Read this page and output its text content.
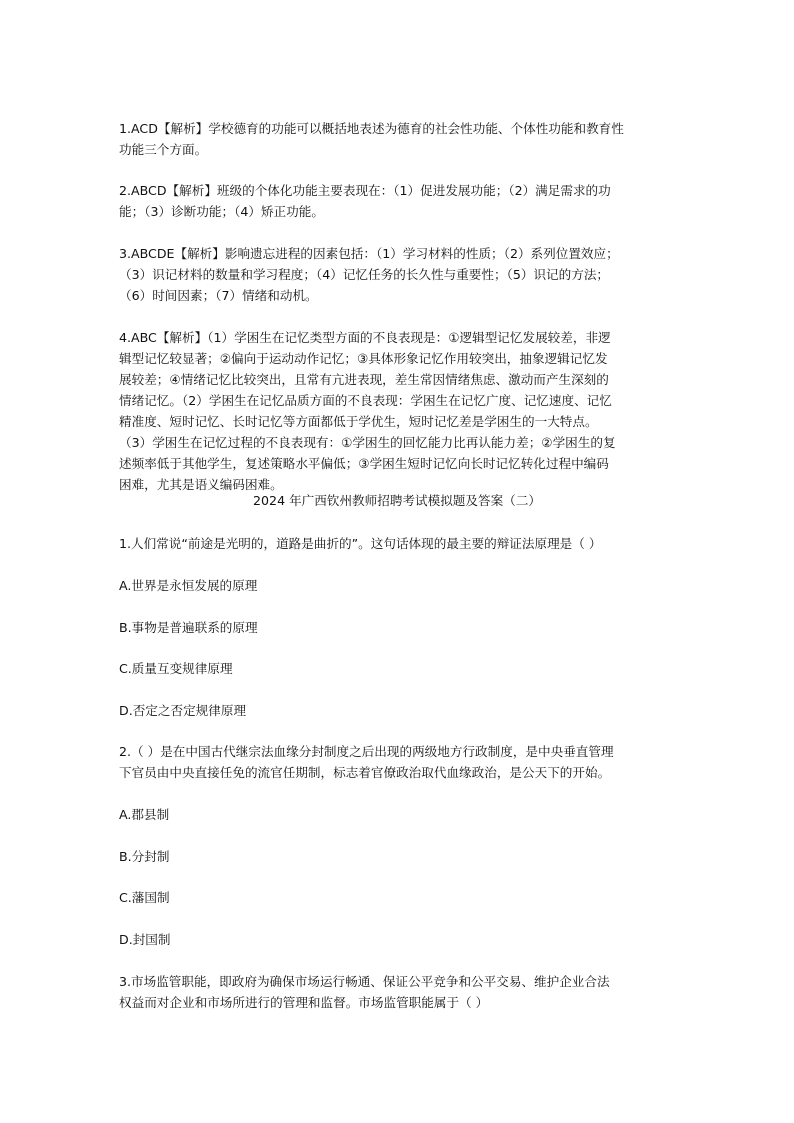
1.ACD【解析】学校德育的功能可以概括地表述为德育的社会性功能、个体性功能和教育性
功能三个方面。
2.ABCD【解析】班级的个体化功能主要表现在：（1）促进发展功能；（2）满足需求的功
能；（3）诊断功能；（4）矫正功能。
3.ABCDE【解析】影响遗忘进程的因素包括：（1）学习材料的性质；（2）系列位置效应；
（3）识记材料的数量和学习程度；（4）记忆任务的长久性与重要性；（5）识记的方法；
（6）时间因素；（7）情绪和动机。
4.ABC【解析】（1）学困生在记忆类型方面的不良表现是：①逻辑型记忆发展较差，非逻
辑型记忆较显著；②偏向于运动动作记忆；③具体形象记忆作用较突出，抽象逻辑记忆发
展较差；④情绪记忆比较突出，且常有亢进表现，差生常因情绪焦虑、激动而产生深刻的
情绪记忆。（2）学困生在记忆品质方面的不良表现：学困生在记忆广度、记忆速度、记忆
精准度、短时记忆、长时记忆等方面都低于学优生，短时记忆差是学困生的一大特点。
（3）学困生在记忆过程的不良表现有：①学困生的回忆能力比再认能力差；②学困生的复
述频率低于其他学生，复述策略水平偏低；③学困生短时记忆向长时记忆转化过程中编码
困难，尤其是语义编码困难。
2024 年广西钦州教师招聘考试模拟题及答案（二）
1.人们常说“前途是光明的，道路是曲折的”。这句话体现的最主要的辩证法原理是（ ）
A.世界是永恒发展的原理
B.事物是普遍联系的原理
C.质量互变规律原理
D.否定之否定规律原理
2.（ ）是在中国古代继宗法血缘分封制度之后出现的两级地方行政制度，是中央垂直管理
下官员由中央直接任免的流官任期制，标志着官僚政治取代血缘政治，是公天下的开始。
A.郡县制
B.分封制
C.藩国制
D.封国制
3.市场监管职能，即政府为确保市场运行畅通、保证公平竞争和公平交易、维护企业合法
权益而对企业和市场所进行的管理和监督。市场监管职能属于（ ）
